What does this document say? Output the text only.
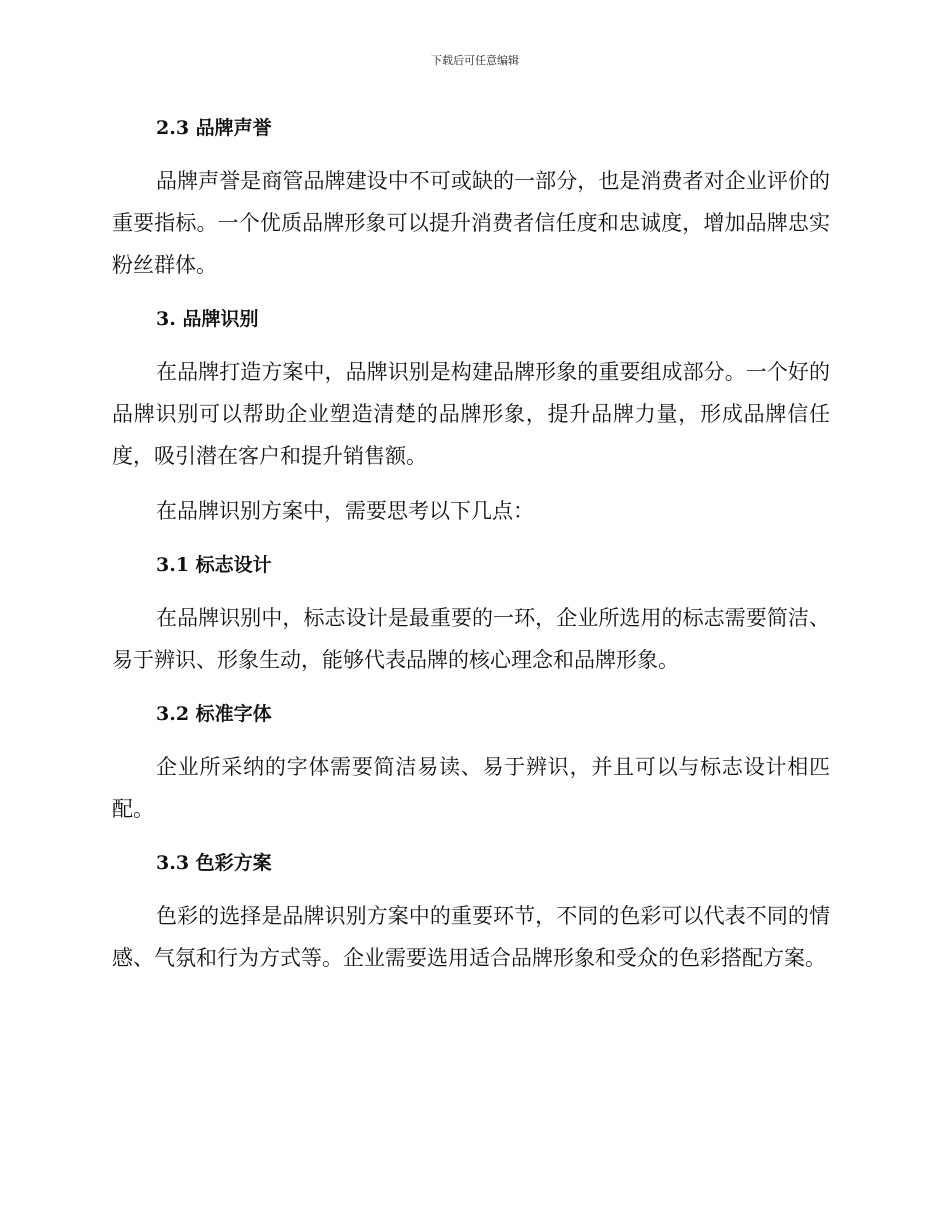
下载后可任意编辑
2.3 品牌声誉

品牌声誉是商管品牌建设中不可或缺的一部分，也是消费者对企业评价的重要指标。一个优质品牌形象可以提升消费者信任度和忠诚度，增加品牌忠实粉丝群体。

3. 品牌识别

在品牌打造方案中，品牌识别是构建品牌形象的重要组成部分。一个好的品牌识别可以帮助企业塑造清楚的品牌形象，提升品牌力量，形成品牌信任度，吸引潜在客户和提升销售额。

在品牌识别方案中，需要思考以下几点：

3.1 标志设计

在品牌识别中，标志设计是最重要的一环，企业所选用的标志需要简洁、易于辨识、形象生动，能够代表品牌的核心理念和品牌形象。

3.2 标准字体

企业所采纳的字体需要简洁易读、易于辨识，并且可以与标志设计相匹配。

3.3 色彩方案

色彩的选择是品牌识别方案中的重要环节，不同的色彩可以代表不同的情感、气氛和行为方式等。企业需要选用适合品牌形象和受众的色彩搭配方案。
